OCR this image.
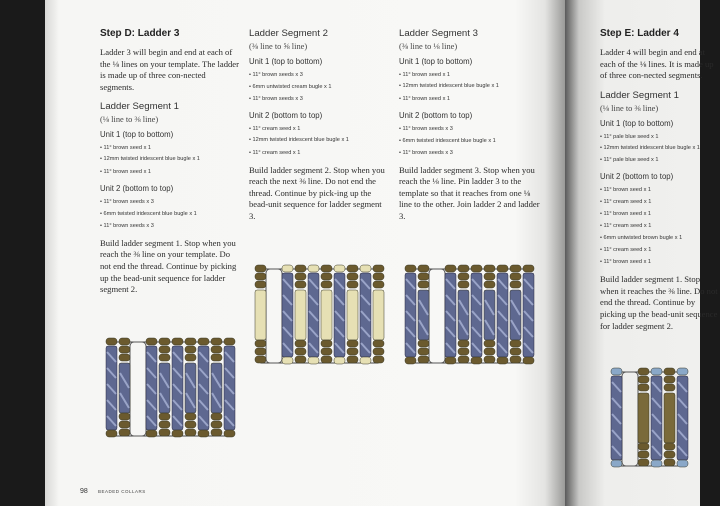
Step D: Ladder 3
Ladder 3 will begin and end at each of the ⅛ lines on your template. The ladder is made up of three con-nected segments.
Ladder Segment 1
(⅛ line to ⅜ line)
Unit 1 (top to bottom)
• 11° brown seed x 1
• 12mm twisted iridescent blue bugle x 1
• 11° brown seed x 1
Unit 2 (bottom to top)
• 11° brown seeds x 3
• 6mm twisted iridescent blue bugle x 1
• 11° brown seeds x 3
Build ladder segment 1. Stop when you reach the ⅜ line on your template. Do not end the thread. Continue by picking up the bead-unit sequence for ladder segment 2.
Ladder Segment 2
(⅜ line to ⅝ line)
Unit 1 (top to bottom)
• 11° brown seeds x 3
• 6mm untwisted cream bugle x 1
• 11° brown seeds x 3
Unit 2 (bottom to top)
• 11° cream seed x 1
• 12mm twisted iridescent blue bugle x 1
• 11° cream seed x 1
Build ladder segment 2. Stop when you reach the next ⅜ line. Do not end the thread. Continue by pick-ing up the bead-unit sequence for ladder segment 3.
Ladder Segment 3
(⅜ line to ⅛ line)
Unit 1 (top to bottom)
• 11° brown seed x 1
• 12mm twisted iridescent blue bugle x 1
• 11° brown seed x 1
Unit 2 (bottom to top)
• 11° brown seeds x 3
• 6mm twisted iridescent blue bugle x 1
• 11° brown seeds x 3
Build ladder segment 3. Stop when you reach the ⅛ line. Pin ladder 3 to the template so that it reaches from one ⅛ line to the other. Join ladder 2 and ladder 3.
98 BEADED COLLARS
Step E: Ladder 4
Ladder 4 will begin and end at each of the ⅛ lines. It is made up of three con-nected segments.
Ladder Segment 1
(⅛ line to ⅜ line)
Unit 1 (top to bottom)
• 11° pale blue seed x 1
• 12mm twisted iridescent blue bugle x 1
• 11° pale blue seed x 1
Unit 2 (bottom to top)
• 11° brown seed x 1
• 11° cream seed x 1
• 11° brown seed x 1
• 11° cream seed x 1
• 6mm untwisted brown bugle x 1
• 11° cream seed x 1
• 11° brown seed x 1
Build ladder segment 1. Stop when it reaches the ⅜ line. Do not end the thread. Continue by picking up the bead-unit sequence for ladder segment 2.
